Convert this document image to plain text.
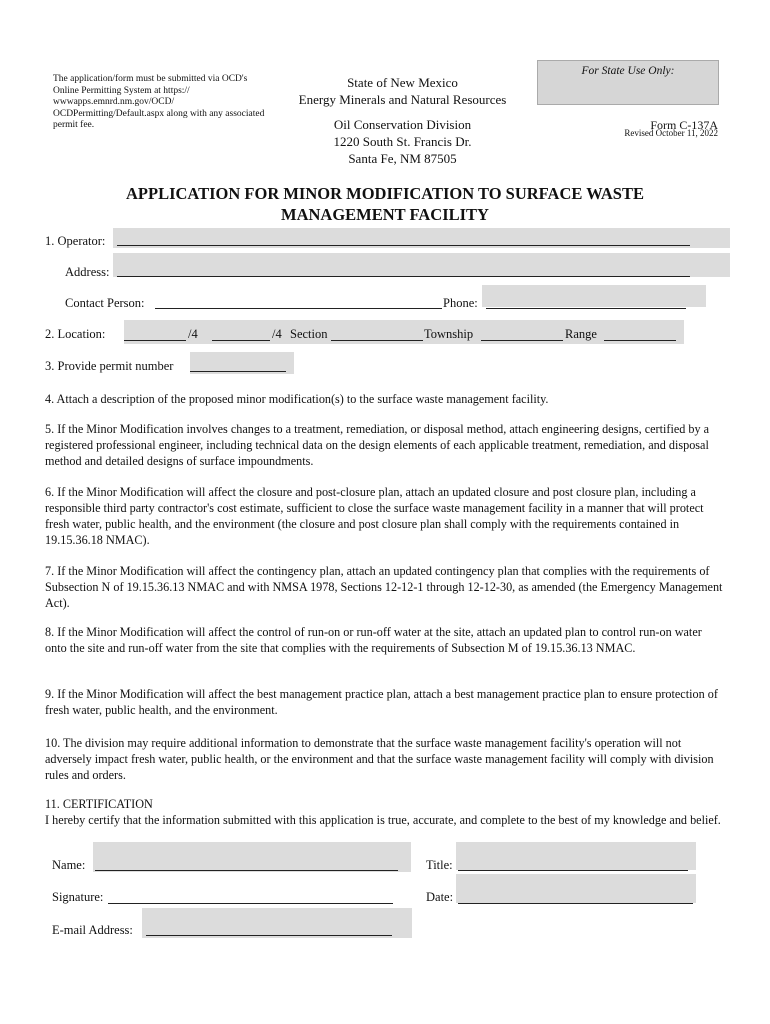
The application/form must be submitted via OCD's Online Permitting System at https:// wwwapps.emnrd.nm.gov/OCD/ OCDPermitting/Default.aspx along with any associated permit fee.
State of New Mexico
Energy Minerals and Natural Resources
Oil Conservation Division
1220 South St. Francis Dr.
Santa Fe, NM 87505
For State Use Only:
Form C-137A
Revised October 11, 2022
APPLICATION FOR MINOR MODIFICATION TO SURFACE WASTE
MANAGEMENT FACILITY
1. Operator:
Address:
Contact Person:	Phone:
2. Location:	/4	/4 Section	Township	Range
3. Provide permit number
4. Attach a description of the proposed minor modification(s) to the surface waste management facility.
5. If the Minor Modification involves changes to a treatment, remediation, or disposal method, attach engineering designs, certified by a registered professional engineer, including technical data on the design elements of each applicable treatment, remediation, and disposal method and detailed designs of surface impoundments.
6. If the Minor Modification will affect the closure and post-closure plan, attach an updated closure and post closure plan, including a responsible third party contractor's cost estimate, sufficient to close the surface waste management facility in a manner that will protect fresh water, public health, and the environment (the closure and post closure plan shall comply with the requirements contained in 19.15.36.18 NMAC).
7. If the Minor Modification will affect the contingency plan, attach an updated contingency plan that complies with the requirements of Subsection N of 19.15.36.13 NMAC and with NMSA 1978, Sections 12-12-1 through 12-12-30, as amended (the Emergency Management Act).
8. If the Minor Modification will affect the control of run-on or run-off water at the site, attach an updated plan to control run-on water onto the site and run-off water from the site that complies with the requirements of Subsection M of 19.15.36.13 NMAC.
9. If the Minor Modification will affect the best management practice plan, attach a best management practice plan to ensure protection of fresh water, public health, and the environment.
10. The division may require additional information to demonstrate that the surface waste management facility's operation will not adversely impact fresh water, public health, or the environment and that the surface waste management facility will comply with division rules and orders.
11. CERTIFICATION
I hereby certify that the information submitted with this application is true, accurate, and complete to the best of my knowledge and belief.
Name:	Title:
Signature:	Date:
E-mail Address:
